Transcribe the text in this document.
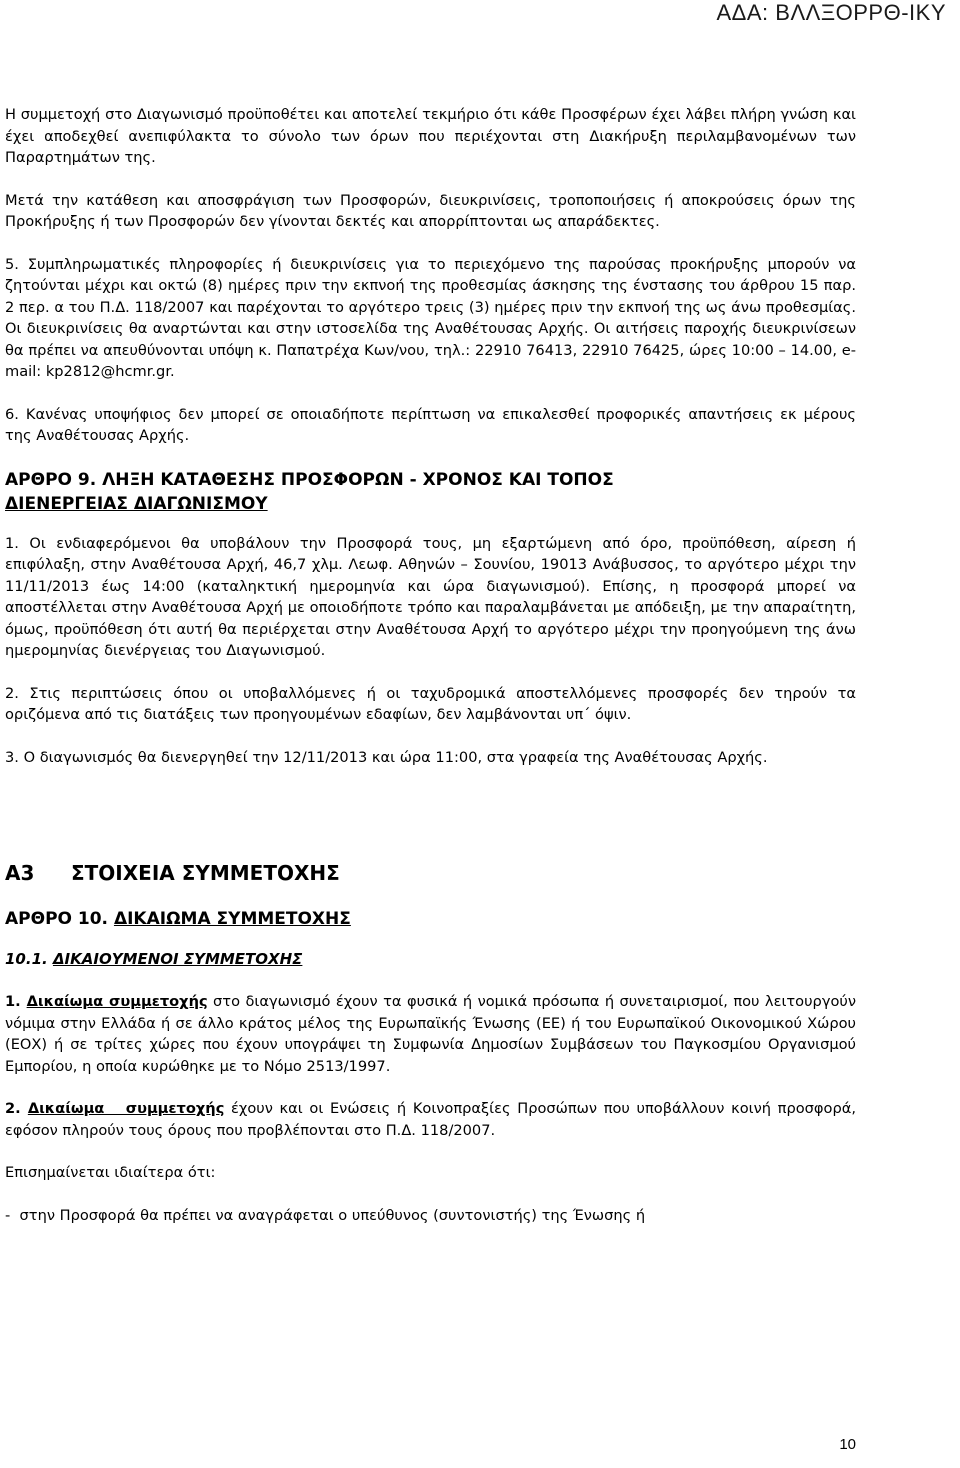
ΑΔΑ: ΒΛΛΞΟΡΡΘ-ΙΚΥ

Η συμμετοχή στο Διαγωνισμό προϋποθέτει και αποτελεί τεκμήριο ότι κάθε Προσφέρων έχει λάβει πλήρη γνώση και έχει αποδεχθεί ανεπιφύλακτα το σύνολο των όρων που περιέχονται στη Διακήρυξη περιλαμβανομένων των Παραρτημάτων της.

Μετά την κατάθεση και αποσφράγιση των Προσφορών, διευκρινίσεις, τροποποιήσεις ή αποκρούσεις όρων της Προκήρυξης ή των Προσφορών δεν γίνονται δεκτές και απορρίπτονται ως απαράδεκτες.

5. Συμπληρωματικές πληροφορίες ή διευκρινίσεις για το περιεχόμενο της παρούσας προκήρυξης μπορούν να ζητούνται μέχρι και οκτώ (8) ημέρες πριν την εκπνοή της προθεσμίας άσκησης της ένστασης του άρθρου 15 παρ. 2 περ. α του Π.Δ. 118/2007 και παρέχονται το αργότερο τρεις (3) ημέρες πριν την εκπνοή της ως άνω προθεσμίας. Οι διευκρινίσεις θα αναρτώνται και στην ιστοσελίδα της Αναθέτουσας Αρχής. Οι αιτήσεις παροχής διευκρινίσεων θα πρέπει να απευθύνονται υπόψη κ. Παπατρέχα Κων/νου, τηλ.: 22910 76413, 22910 76425, ώρες 10:00 – 14.00, e-mail: kp2812@hcmr.gr.

6. Κανένας υποψήφιος δεν μπορεί σε οποιαδήποτε περίπτωση να επικαλεσθεί προφορικές απαντήσεις εκ μέρους της Αναθέτουσας Αρχής.

ΑΡΘΡΟ 9. ΛΗΞΗ ΚΑΤΑΘΕΣΗΣ ΠΡΟΣΦΟΡΩΝ - ΧΡΟΝΟΣ ΚΑΙ ΤΟΠΟΣ
ΔΙΕΝΕΡΓΕΙΑΣ ΔΙΑΓΩΝΙΣΜΟΥ

1. Οι ενδιαφερόμενοι θα υποβάλουν την Προσφορά τους, μη εξαρτώμενη από όρο, προϋπόθεση, αίρεση ή επιφύλαξη, στην Αναθέτουσα Αρχή, 46,7 χλμ. Λεωφ. Αθηνών – Σουνίου, 19013 Ανάβυσσος, το αργότερο μέχρι την 11/11/2013 έως 14:00 (καταληκτική ημερομηνία και ώρα διαγωνισμού). Επίσης, η προσφορά μπορεί να αποστέλλεται στην Αναθέτουσα Αρχή με οποιοδήποτε τρόπο και παραλαμβάνεται με απόδειξη, με την απαραίτητη, όμως, προϋπόθεση ότι αυτή θα περιέρχεται στην Αναθέτουσα Αρχή το αργότερο μέχρι την προηγούμενη της άνω ημερομηνίας διενέργειας του Διαγωνισμού.

2. Στις περιπτώσεις όπου οι υποβαλλόμενες ή οι ταχυδρομικά αποστελλόμενες προσφορές δεν τηρούν τα οριζόμενα από τις διατάξεις των προηγουμένων εδαφίων, δεν λαμβάνονται υπ΄ όψιν.

3. Ο διαγωνισμός θα διενεργηθεί την 12/11/2013 και ώρα 11:00, στα γραφεία της Αναθέτουσας Αρχής.

Α3	ΣΤΟΙΧΕΙΑ ΣΥΜΜΕΤΟΧΗΣ

ΑΡΘΡΟ 10. ΔΙΚΑΙΩΜΑ ΣΥΜΜΕΤΟΧΗΣ

10.1. ΔΙΚΑΙΟΥΜΕΝΟΙ ΣΥΜΜΕΤΟΧΗΣ

1. Δικαίωμα συμμετοχής στο διαγωνισμό έχουν τα φυσικά ή νομικά πρόσωπα ή συνεταιρισμοί, που λειτουργούν νόμιμα στην Ελλάδα ή σε άλλο κράτος μέλος της Ευρωπαϊκής Ένωσης (ΕΕ) ή του Ευρωπαϊκού Οικονομικού Χώρου (ΕΟΧ) ή σε τρίτες χώρες που έχουν υπογράψει τη Συμφωνία Δημοσίων Συμβάσεων του Παγκοσμίου Οργανισμού Εμπορίου, η οποία κυρώθηκε με το Νόμο 2513/1997.

2. Δικαίωμα   συμμετοχής έχουν και οι Ενώσεις ή Κοινοπραξίες Προσώπων που υποβάλλουν κοινή προσφορά, εφόσον πληρούν τους όρους που προβλέπονται στο Π.Δ. 118/2007.

Επισημαίνεται ιδιαίτερα ότι:

-  στην Προσφορά θα πρέπει να αναγράφεται ο υπεύθυνος (συντονιστής) της Ένωσης ή

10
